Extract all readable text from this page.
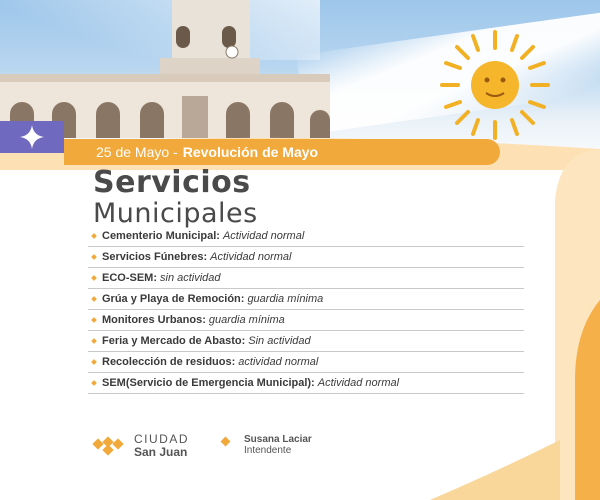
25 de Mayo - Revolución de Mayo
Servicios
Municipales
Cementerio Municipal: Actividad normal
Servicios Fúnebres: Actividad normal
ECO-SEM: sin actividad
Grúa y Playa de Remoción: guardia mínima
Monitores Urbanos: guardia mínima
Feria y Mercado de Abasto: Sin actividad
Recolección de residuos: actividad normal
SEM(Servicio de Emergencia Municipal): Actividad normal
CIUDAD
San Juan
Susana Laciar
Intendente
